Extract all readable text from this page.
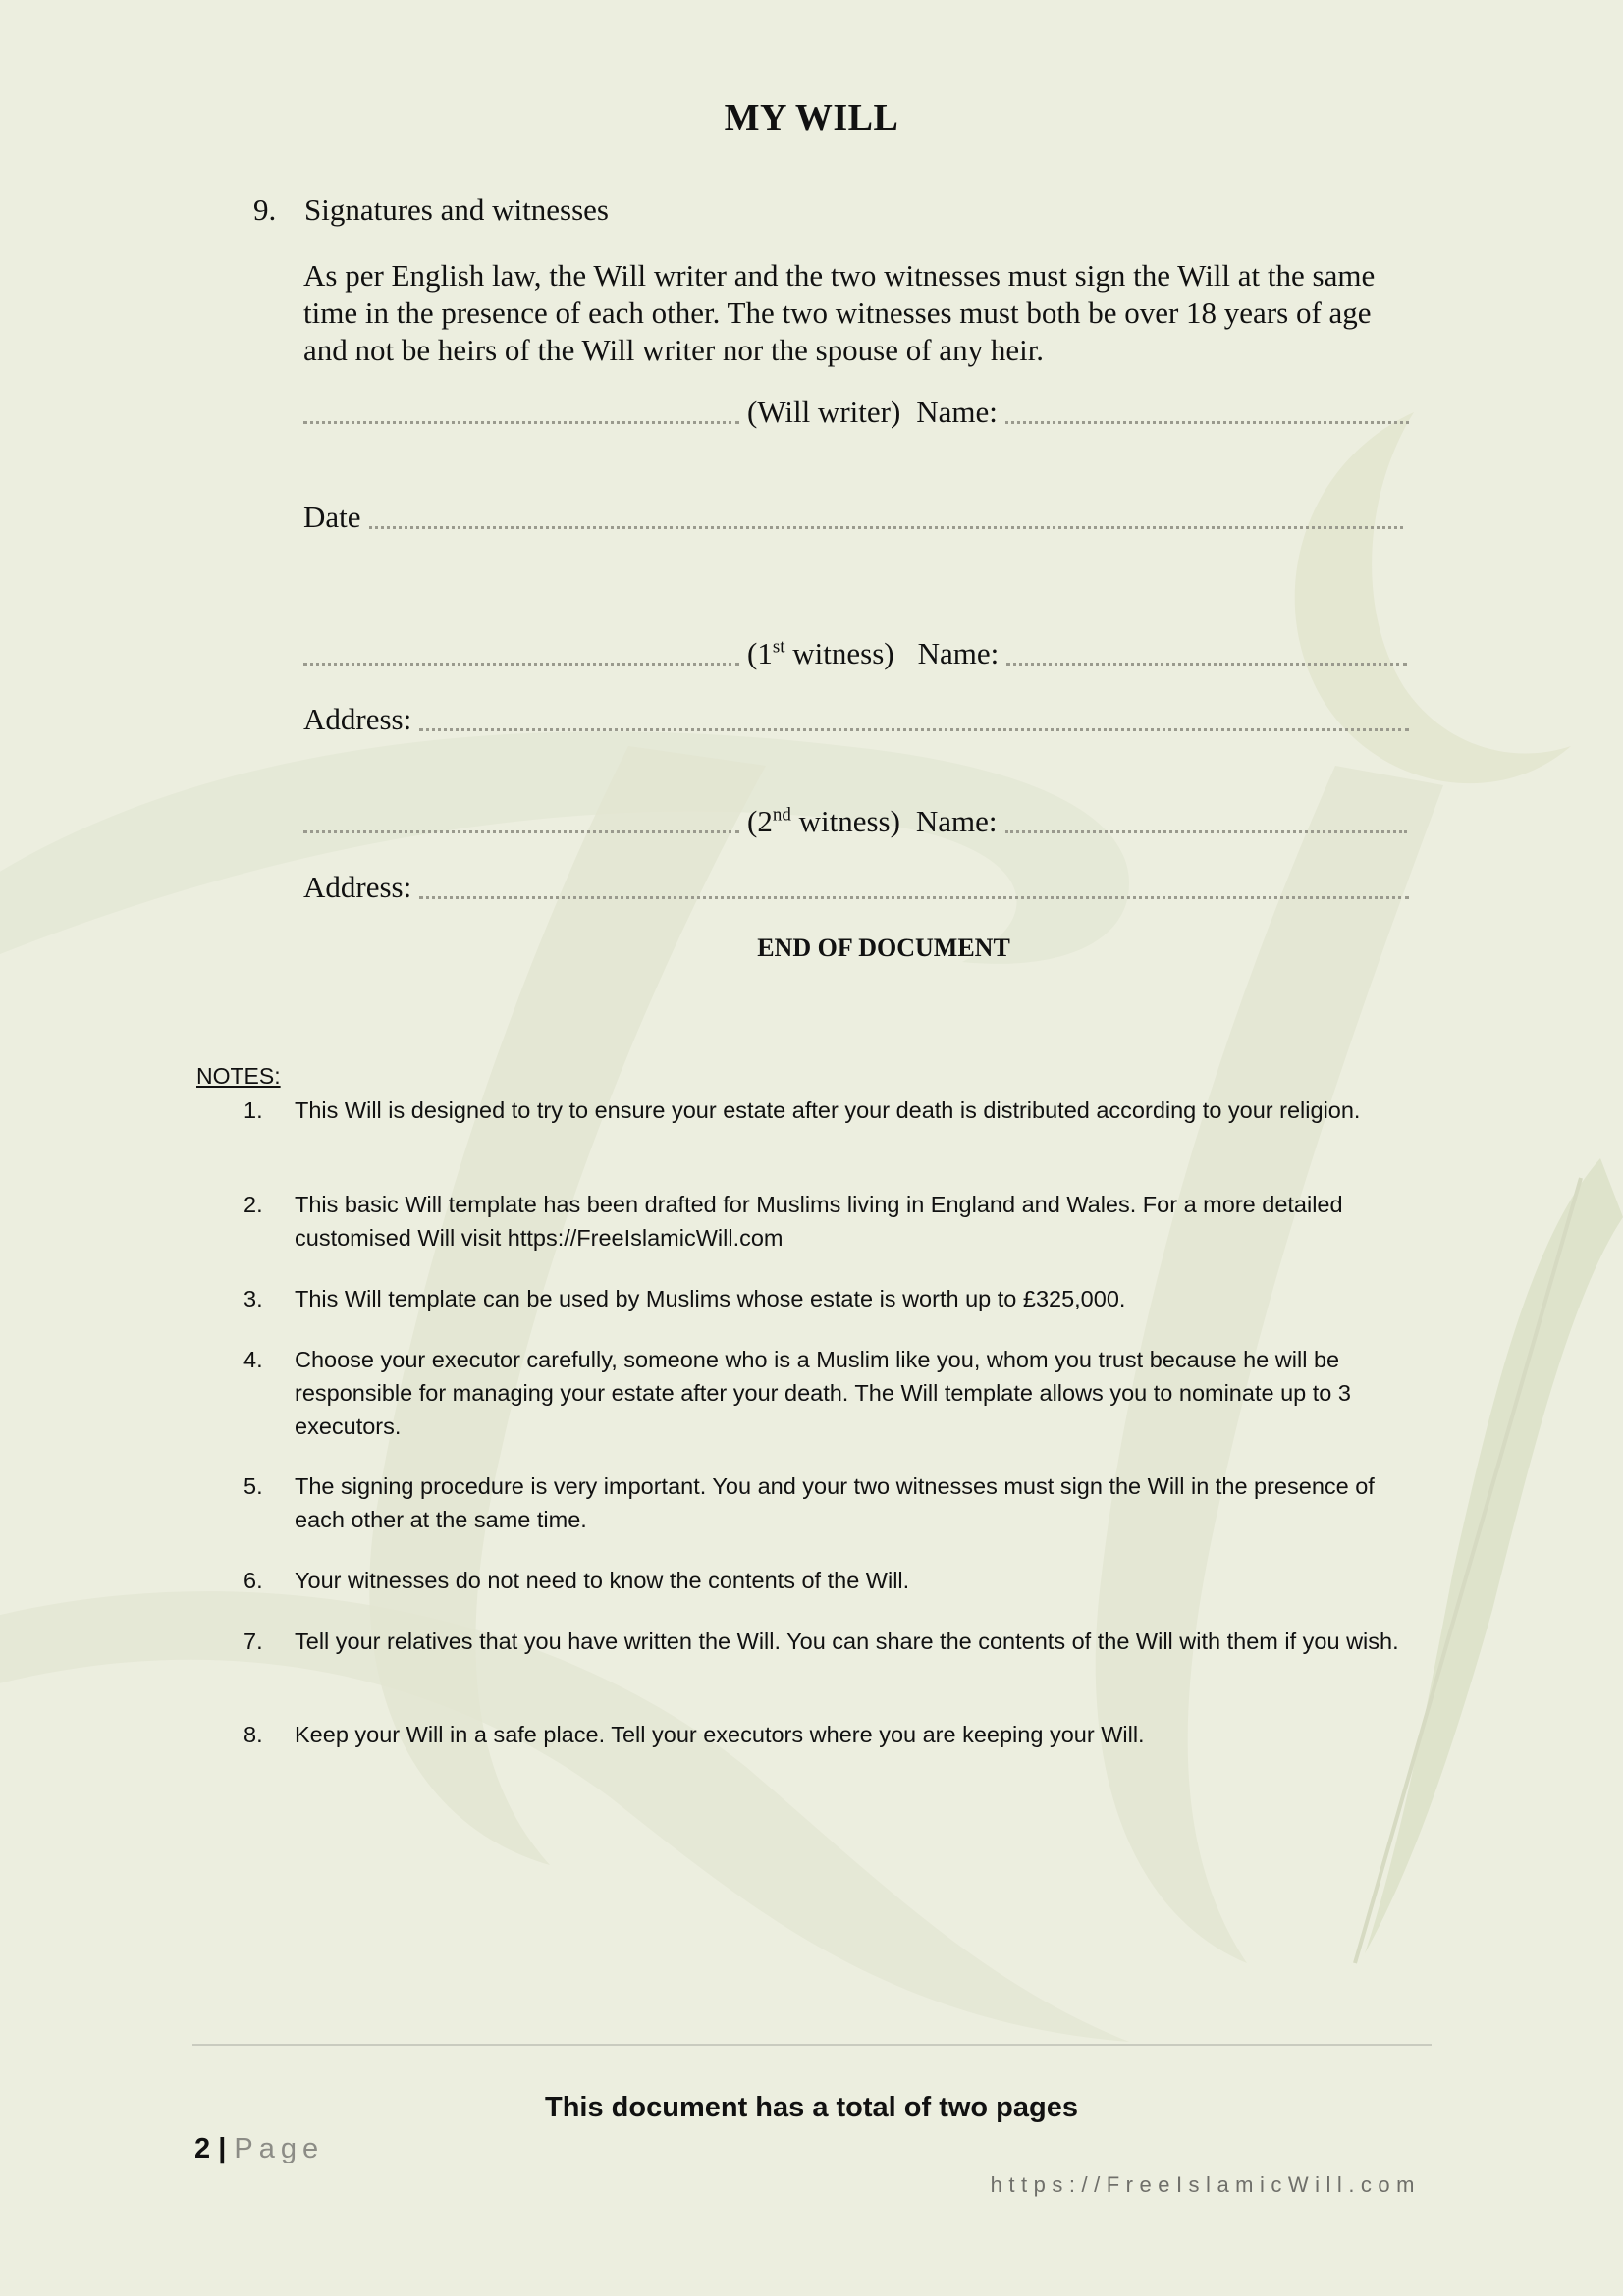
MY WILL
9. Signatures and witnesses
As per English law, the Will writer and the two witnesses must sign the Will at the same time in the presence of each other. The two witnesses must both be over 18 years of age and not be heirs of the Will writer nor the spouse of any heir.
(Will writer) Name:
Date
(1st witness) Name:
Address:
(2nd witness) Name:
Address:
END OF DOCUMENT
NOTES:
1. This Will is designed to try to ensure your estate after your death is distributed according to your religion.
2. This basic Will template has been drafted for Muslims living in England and Wales. For a more detailed customised Will visit https://FreeIslamicWill.com
3. This Will template can be used by Muslims whose estate is worth up to £325,000.
4. Choose your executor carefully, someone who is a Muslim like you, whom you trust because he will be responsible for managing your estate after your death. The Will template allows you to nominate up to 3 executors.
5. The signing procedure is very important. You and your two witnesses must sign the Will in the presence of each other at the same time.
6. Your witnesses do not need to know the contents of the Will.
7. Tell your relatives that you have written the Will. You can share the contents of the Will with them if you wish.
8. Keep your Will in a safe place. Tell your executors where you are keeping your Will.
This document has a total of two pages
2 | Page
https://FreeIslamicWill.com
